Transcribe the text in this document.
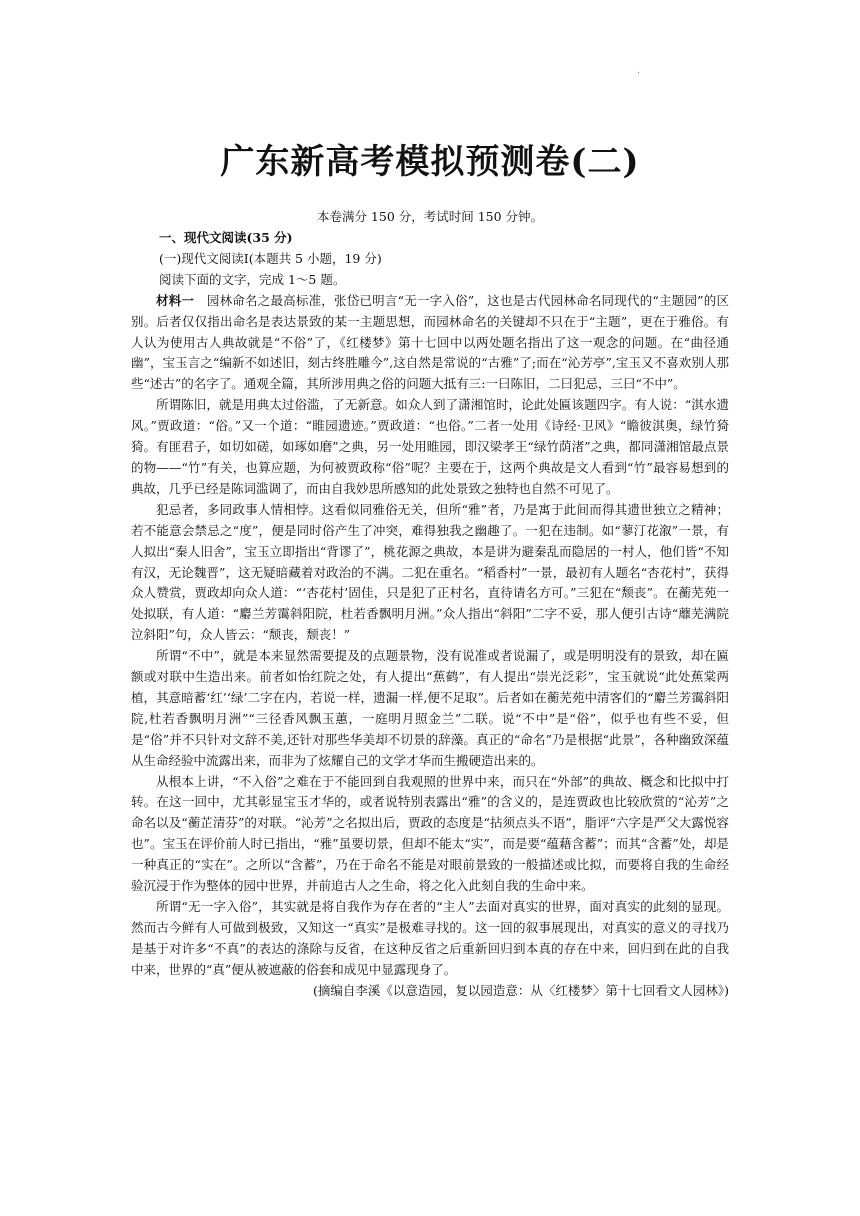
.
广东新高考模拟预测卷(二)
本卷满分 150 分，考试时间 150 分钟。

一、现代文阅读(35 分)

(一)现代文阅读Ⅰ(本题共 5 小题，19 分)

阅读下面的文字，完成 1～5 题。

材料一  园林命名之最高标准，张岱已明言“无一字入俗”，这也是古代园林命名同现代的“主题园”的区别。后者仅仅指出命名是表达景致的某一主题思想，而园林命名的关键却不只在于“主题”，更在于雅俗。有人认为使用古人典故就是“不俗”了，《红楼梦》第十七回中以两处题名指出了这一观念的问题。在“曲径通幽”，宝玉言之“编新不如述旧，刻古终胜雕今”,这自然是常说的“古雅”了;而在“沁芳亭”,宝玉又不喜欢别人那些“述古”的名字了。通观全篇，其所涉用典之俗的问题大抵有三:一曰陈旧，二曰犯忌，三曰“不中”。

所谓陈旧，就是用典太过俗滥，了无新意。如众人到了潇湘馆时，论此处匾该题四字。有人说：“淇水遗风。”贾政道：“俗。”又一个道：“睢园遗迹。”贾政道：“也俗。”二者一处用《诗经·卫风》“瞻彼淇奥，绿竹猗猗。有匪君子，如切如磋，如琢如磨”之典，另一处用睢园，即汉梁孝王“绿竹荫渚”之典，都同潇湘馆最点景的物——“竹”有关，也算应题，为何被贾政称“俗”呢？主要在于，这两个典故是文人看到“竹”最容易想到的典故，几乎已经是陈词滥调了，而由自我妙思所感知的此处景致之独特也自然不可见了。

犯忌者，多同政事人情相悖。这看似同雅俗无关，但所“雅”者，乃是寓于此间而得其遗世独立之精神；若不能意会禁忌之“度”，便是同时俗产生了冲突，难得独我之幽趣了。一犯在违制。如“蓼汀花溆”一景，有人拟出“秦人旧舍”，宝玉立即指出“背谬了”，桃花源之典故，本是讲为避秦乱而隐居的一村人，他们皆“不知有汉，无论魏晋”，这无疑暗藏着对政治的不满。二犯在重名。“稻香村”一景，最初有人题名“杏花村”，获得众人赞赏，贾政却向众人道：“‘杏花村’固佳，只是犯了正村名，直待请名方可。”三犯在“颓丧”。在蘅芜苑一处拟联，有人道：“麝兰芳霭斜阳院，杜若香飘明月洲。”众人指出“斜阳”二字不妥，那人便引古诗“蘼芜满院泣斜阳”句，众人皆云：“颓丧，颓丧！”

所谓“不中”，就是本来显然需要提及的点题景物，没有说准或者说漏了，或是明明没有的景致，却在匾额或对联中生造出来。前者如怡红院之处，有人提出“蕉鹤”，有人提出“崇光泛彩”，宝玉就说“此处蕉棠两植，其意暗蓄‘红’‘绿’二字在内，若说一样，遗漏一样,便不足取”。后者如在蘅芜苑中清客们的“麝兰芳霭斜阳院,杜若香飘明月洲”“三径香风飘玉蕙，一庭明月照金兰”二联。说“不中”是“俗”，似乎也有些不妥，但是“俗”并不只针对文辞不美,还针对那些华美却不切景的辞藻。真正的“命名”乃是根据“此景”，各种幽致深蕴从生命经验中流露出来，而非为了炫耀自己的文学才华而生搬硬造出来的。

从根本上讲，“不入俗”之难在于不能回到自我观照的世界中来，而只在“外部”的典故、概念和比拟中打转。在这一回中，尤其彰显宝玉才华的，或者说特别表露出“雅”的含义的，是连贾政也比较欣赏的“沁芳”之命名以及“蘅芷清芬”的对联。“沁芳”之名拟出后，贾政的态度是“拈须点头不语”，脂评“六字是严父大露悦容也”。宝玉在评价前人时已指出，“雅”虽要切景，但却不能太“实”，而是要“蕴藉含蓄”；而其“含蓄”处，却是一种真正的“实在”。之所以“含蓄”，乃在于命名不能是对眼前景致的一般描述或比拟，而要将自我的生命经验沉浸于作为整体的园中世界，并前追古人之生命，将之化入此刻自我的生命中来。

所谓“无一字入俗”，其实就是将自我作为存在者的“主人”去面对真实的世界，面对真实的此刻的显现。然而古今鲜有人可做到极致，又知这一“真实”是极难寻找的。这一回的叙事展现出，对真实的意义的寻找乃是基于对许多“不真”的表达的涤除与反省，在这种反省之后重新回归到本真的存在中来，回归到在此的自我中来，世界的“真”便从被遮蔽的俗套和成见中显露现身了。

(摘编自李溪《以意造园，复以园造意：从〈红楼梦〉第十七回看文人园林》)
